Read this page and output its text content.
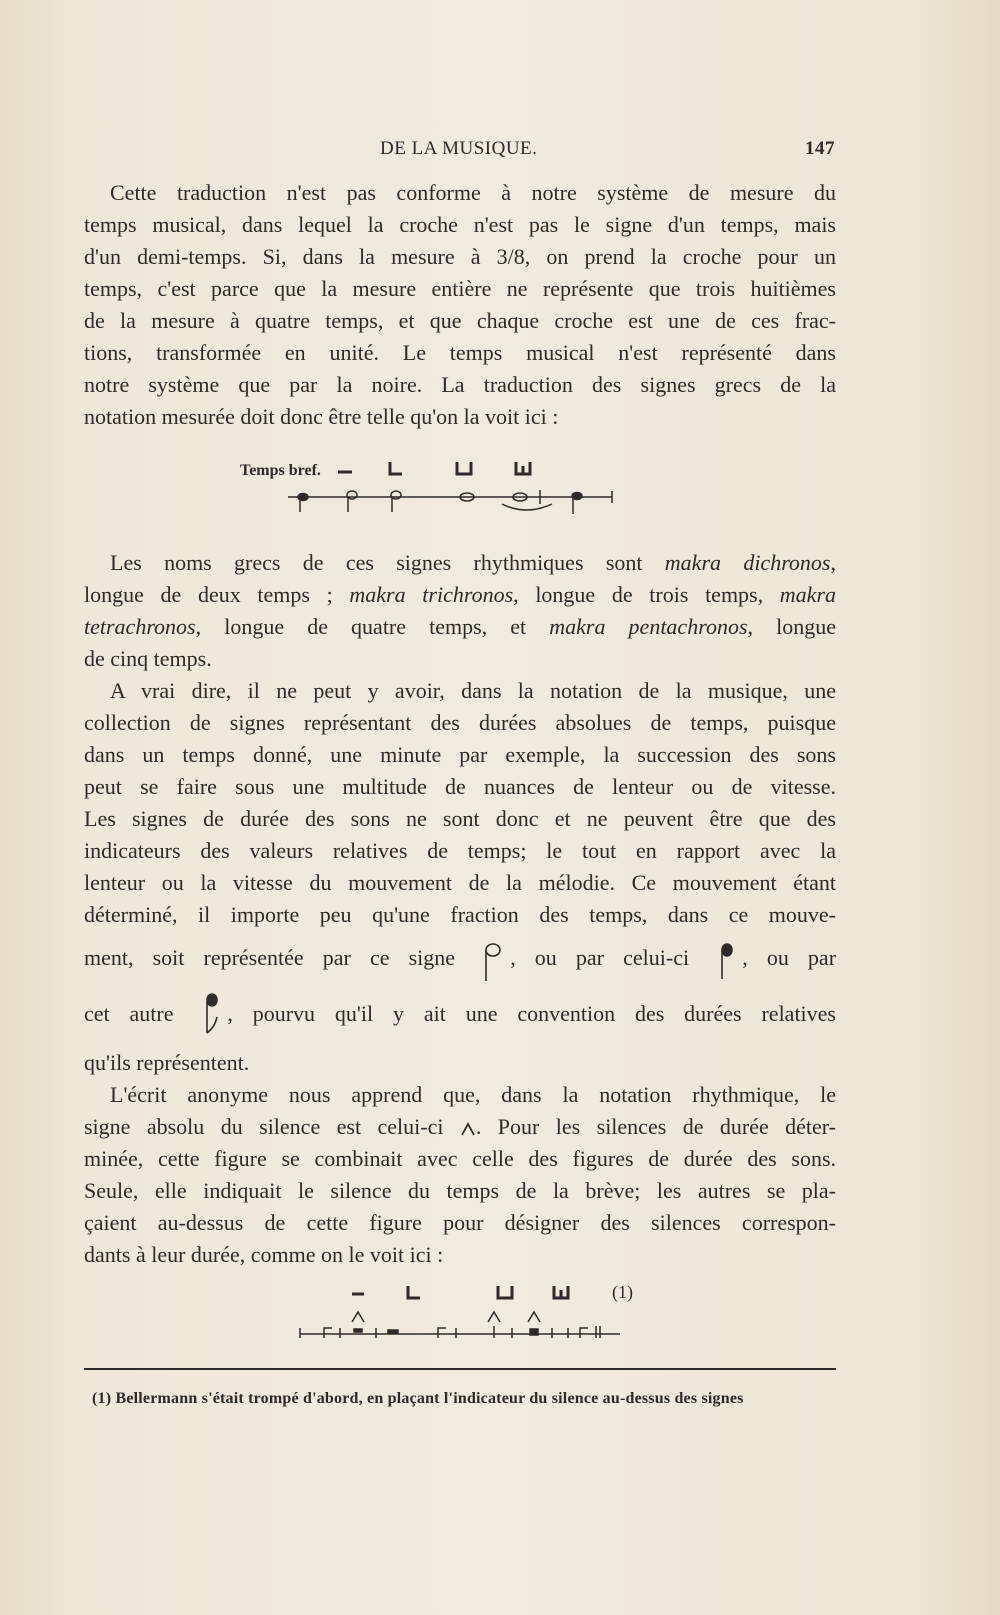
DE LA MUSIQUE.	147
Cette traduction n'est pas conforme à notre système de mesure du
temps musical, dans lequel la croche n'est pas le signe d'un temps, mais
d'un demi-temps. Si, dans la mesure à 3/8, on prend la croche pour un
temps, c'est parce que la mesure entière ne représente que trois huitièmes
de la mesure à quatre temps, et que chaque croche est une de ces frac-
tions, transformée en unité. Le temps musical n'est représenté dans
notre système que par la noire. La traduction des signes grecs de la
notation mesurée doit donc être telle qu'on la voit ici :
Temps bref.
Les noms grecs de ces signes rhythmiques sont makra dichronos,
longue de deux temps ; makra trichronos, longue de trois temps, makra
tetrachronos, longue de quatre temps, et makra pentachronos, longue
de cinq temps.
A vrai dire, il ne peut y avoir, dans la notation de la musique, une
collection de signes représentant des durées absolues de temps, puisque
dans un temps donné, une minute par exemple, la succession des sons
peut se faire sous une multitude de nuances de lenteur ou de vitesse.
Les signes de durée des sons ne sont donc et ne peuvent être que des
indicateurs des valeurs relatives de temps; le tout en rapport avec la
lenteur ou la vitesse du mouvement de la mélodie. Ce mouvement étant
déterminé, il importe peu qu'une fraction des temps, dans ce mouve-
ment, soit représentée par ce signe	, ou par celui-ci , ou par
cet autre , pourvu qu'il y ait une convention des durées relatives
qu'ils représentent.
L'écrit anonyme nous apprend que, dans la notation rhythmique, le
signe absolu du silence est celui-ci . Pour les silences de durée déter-
minée, cette figure se combinait avec celle des figures de durée des sons.
Seule, elle indiquait le silence du temps de la brève; les autres se pla-
çaient au-dessus de cette figure pour désigner des silences correspon-
dants à leur durée, comme on le voit ici :
(1)
(1) Bellermann s'était trompé d'abord, en plaçant l'indicateur du silence au-dessus des signes
